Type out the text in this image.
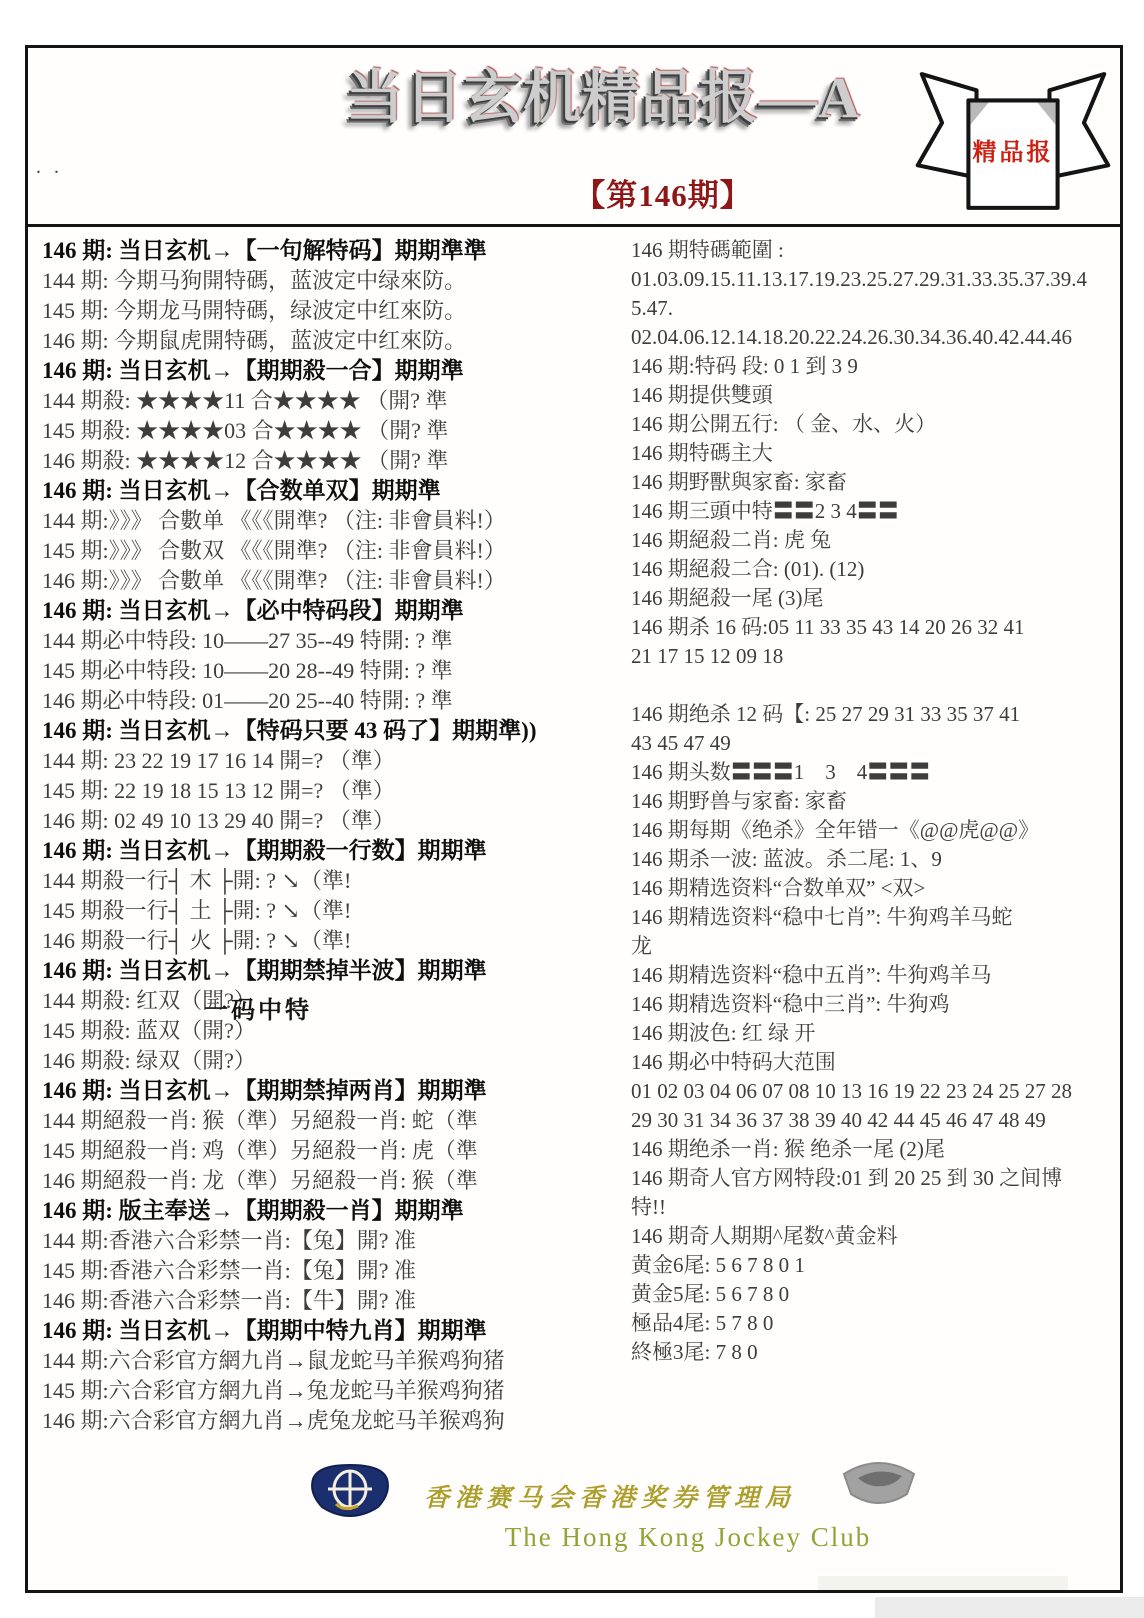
. .
当日玄机精品报—A
【第146期】
精品报
146 期: 当日玄机→【一句解特码】期期準準
144 期: 今期马狗開特碼，蓝波定中绿來防。
145 期: 今期龙马開特碼，绿波定中红來防。
146 期: 今期鼠虎開特碼，蓝波定中红來防。
146 期: 当日玄机→【期期殺一合】期期準
144 期殺: ★★★★11 合★★★★ （開? 準
145 期殺: ★★★★03 合★★★★ （開? 準
146 期殺: ★★★★12 合★★★★ （開? 準
146 期: 当日玄机→【合数单双】期期準
144 期:》》》 合數单 《《《開準? （注: 非會員料!）
145 期:》》》 合數双 《《《開準? （注: 非會員料!）
146 期:》》》 合數单 《《《開準? （注: 非會員料!）
146 期: 当日玄机→【必中特码段】期期準
144 期必中特段: 10——27 35--49 特開: ? 準
145 期必中特段: 10——20 28--49 特開: ? 準
146 期必中特段: 01——20 25--40 特開: ? 準
146 期: 当日玄机→【特码只要 43 码了】期期準))
144 期: 23 22 19 17 16 14 開=? （準）
145 期: 22 19 18 15 13 12 開=? （準）
146 期: 02 49 10 13 29 40 開=? （準）
146 期: 当日玄机→【期期殺一行数】期期準
144 期殺一行┤ 木 ├開: ? ↘（準!
145 期殺一行┤ 土 ├開: ? ↘（準!
146 期殺一行┤ 火 ├開: ? ↘（準!
146 期: 当日玄机→【期期禁掉半波】期期準
144 期殺: 红双（開?）
145 期殺: 蓝双（開?）
146 期殺: 绿双（開?）
146 期: 当日玄机→【期期禁掉两肖】期期準
144 期絕殺一肖: 猴（準）另絕殺一肖: 蛇（準
145 期絕殺一肖: 鸡（準）另絕殺一肖: 虎（準
146 期絕殺一肖: 龙（準）另絕殺一肖: 猴（準
146 期: 版主奉送→【期期殺一肖】期期準
144 期:香港六合彩禁一肖:【兔】開? 准
145 期:香港六合彩禁一肖:【兔】開? 准
146 期:香港六合彩禁一肖:【牛】開? 准
146 期: 当日玄机→【期期中特九肖】期期準
144 期:六合彩官方網九肖→鼠龙蛇马羊猴鸡狗猪
145 期:六合彩官方網九肖→兔龙蛇马羊猴鸡狗猪
146 期:六合彩官方網九肖→虎兔龙蛇马羊猴鸡狗
146 期特碼範圍 :
01.03.09.15.11.13.17.19.23.25.27.29.31.33.35.37.39.4
5.47.
02.04.06.12.14.18.20.22.24.26.30.34.36.40.42.44.46
146 期:特码 段: 0 1 到 3 9
146 期提供雙頭
146 期公開五行: （ 金、水、火）
146 期特碼主大
146 期野獸與家畜: 家畜
146 期三頭中特〓〓2 3 4〓〓
146 期絕殺二肖: 虎 兔
146 期絕殺二合: (01). (12)
146 期絕殺一尾 (3)尾
146 期杀 16 码:05 11 33 35 43 14 20 26 32 41
21 17 15 12 09 18
146 期绝杀 12 码【: 25 27 29 31 33 35 37 41
43 45 47 49
146 期头数〓〓〓1　3　4〓〓〓
146 期野兽与家畜: 家畜
146 期每期《绝杀》全年错一《@@虎@@》
146 期杀一波: 蓝波。杀二尾: 1、9
146 期精选资料“合数单双” <双>
146 期精选资料“稳中七肖”: 牛狗鸡羊马蛇
龙
146 期精选资料“稳中五肖”: 牛狗鸡羊马
146 期精选资料“稳中三肖”: 牛狗鸡
146 期波色: 红 绿 开
146 期必中特码大范围
01 02 03 04 06 07 08 10 13 16 19 22 23 24 25 27 28
29 30 31 34 36 37 38 39 40 42 44 45 46 47 48 49
146 期绝杀一肖: 猴 绝杀一尾 (2)尾
146 期奇人官方网特段:01 到 20 25 到 30 之间博
特!!
146 期奇人期期^尾数^黄金料
黄金6尾: 5 6 7 8 0 1
黄金5尾: 5 6 7 8 0
極品4尾: 5 7 8 0
終極3尾: 7 8 0
一码中特
香港赛马会香港奖券管理局
The Hong Kong Jockey Club
